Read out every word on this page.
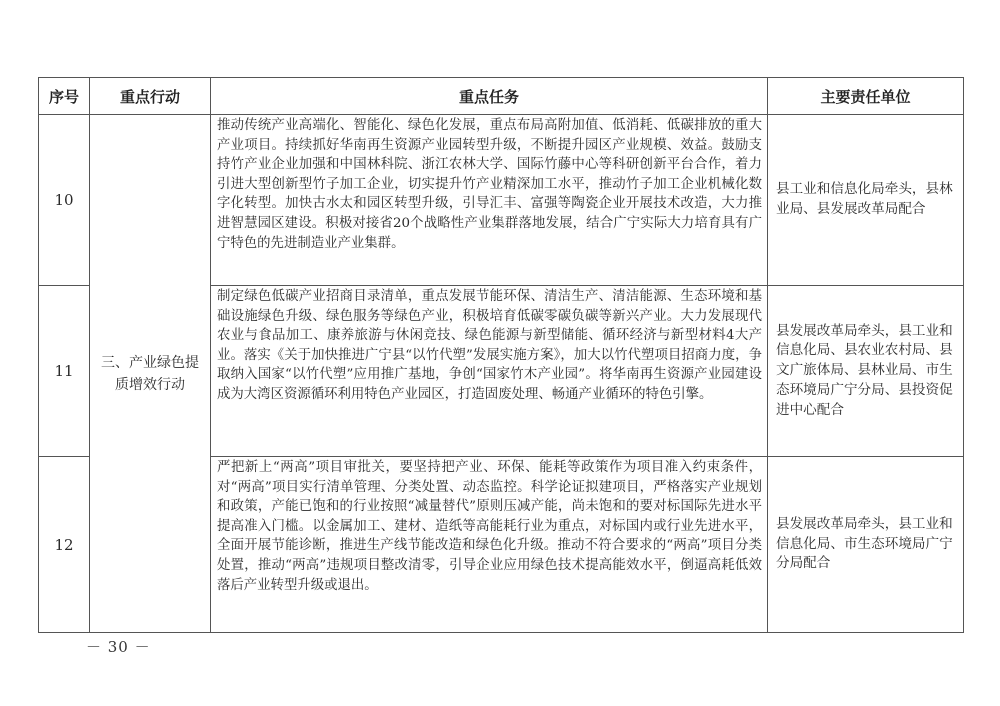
序号	重点行动	重点任务	主要责任单位
10	三、产业绿色提质增效行动	推动传统产业高端化、智能化、绿色化发展，重点布局高附加值、低消耗、低碳排放的重大产业项目。持续抓好华南再生资源产业园转型升级，不断提升园区产业规模、效益。鼓励支持竹产业企业加强和中国林科院、浙江农林大学、国际竹藤中心等科研创新平台合作，着力引进大型创新型竹子加工企业，切实提升竹产业精深加工水平，推动竹子加工企业机械化数字化转型。加快古水太和园区转型升级，引导汇丰、富强等陶瓷企业开展技术改造，大力推进智慧园区建设。积极对接省20个战略性产业集群落地发展，结合广宁实际大力培育具有广宁特色的先进制造业产业集群。	县工业和信息化局牵头，县林业局、县发展改革局配合
11		制定绿色低碳产业招商目录清单，重点发展节能环保、清洁生产、清洁能源、生态环境和基础设施绿色升级、绿色服务等绿色产业，积极培育低碳零碳负碳等新兴产业。大力发展现代农业与食品加工、康养旅游与休闲竞技、绿色能源与新型储能、循环经济与新型材料4大产业。落实《关于加快推进广宁县“以竹代塑”发展实施方案》，加大以竹代塑项目招商力度，争取纳入国家“以竹代塑”应用推广基地，争创“国家竹木产业园”。将华南再生资源产业园建设成为大湾区资源循环利用特色产业园区，打造固废处理、畅通产业循环的特色引擎。	县发展改革局牵头，县工业和信息化局、县农业农村局、县文广旅体局、县林业局、市生态环境局广宁分局、县投资促进中心配合
12		严把新上“两高”项目审批关，要坚持把产业、环保、能耗等政策作为项目准入约束条件，对“两高”项目实行清单管理、分类处置、动态监控。科学论证拟建项目，严格落实产业规划和政策，产能已饱和的行业按照“减量替代”原则压减产能，尚未饱和的要对标国际先进水平提高准入门槛。以金属加工、建材、造纸等高能耗行业为重点，对标国内或行业先进水平，全面开展节能诊断，推进生产线节能改造和绿色化升级。推动不符合要求的“两高”项目分类处置，推动“两高”违规项目整改清零，引导企业应用绿色技术提高能效水平，倒逼高耗低效落后产业转型升级或退出。	县发展改革局牵头，县工业和信息化局、市生态环境局广宁分局配合
－ 30 －
